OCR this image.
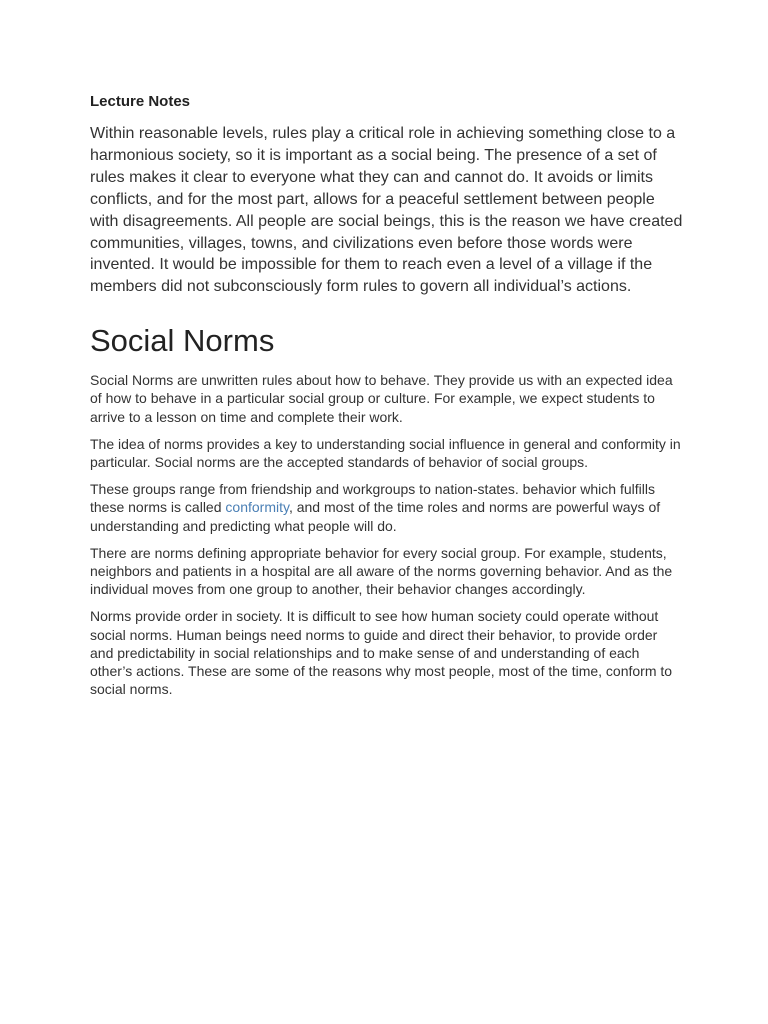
Lecture Notes

Within reasonable levels, rules play a critical role in achieving something close to a harmonious society, so it is important as a social being. The presence of a set of rules makes it clear to everyone what they can and cannot do. It avoids or limits conflicts, and for the most part, allows for a peaceful settlement between people with disagreements. All people are social beings, this is the reason we have created communities, villages, towns, and civilizations even before those words were invented. It would be impossible for them to reach even a level of a village if the members did not subconsciously form rules to govern all individual’s actions.

Social Norms

Social Norms are unwritten rules about how to behave. They provide us with an expected idea of how to behave in a particular social group or culture. For example, we expect students to arrive to a lesson on time and complete their work.

The idea of norms provides a key to understanding social influence in general and conformity in particular. Social norms are the accepted standards of behavior of social groups.

These groups range from friendship and workgroups to nation-states. behavior which fulfills these norms is called conformity, and most of the time roles and norms are powerful ways of understanding and predicting what people will do.

There are norms defining appropriate behavior for every social group. For example, students, neighbors and patients in a hospital are all aware of the norms governing behavior. And as the individual moves from one group to another, their behavior changes accordingly.

Norms provide order in society. It is difficult to see how human society could operate without social norms. Human beings need norms to guide and direct their behavior, to provide order and predictability in social relationships and to make sense of and understanding of each other’s actions. These are some of the reasons why most people, most of the time, conform to social norms.
